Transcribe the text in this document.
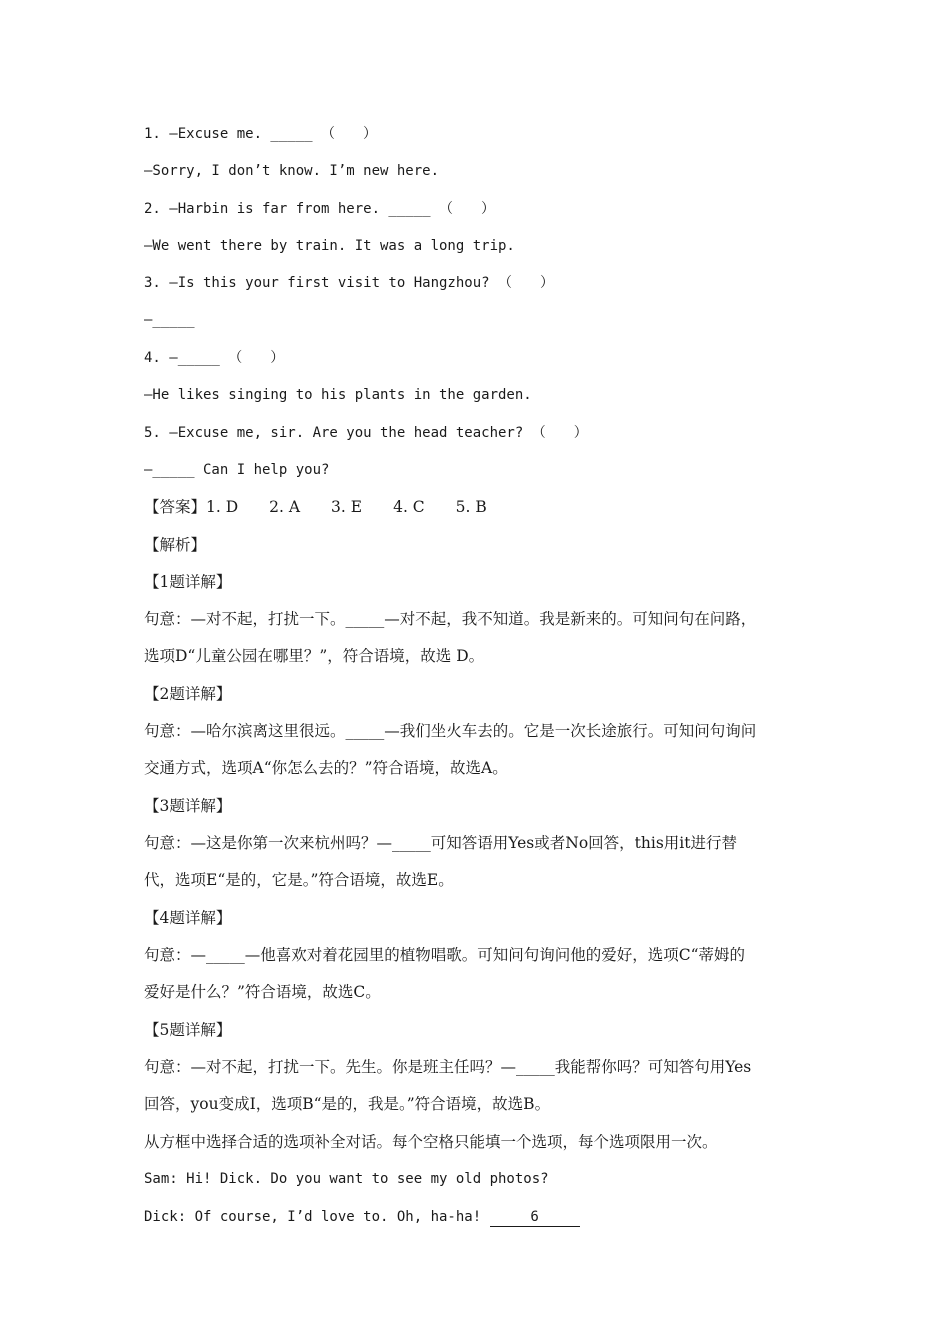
1. —Excuse me. _____ （　　）

—Sorry, I don’t know. I’m new here.

2. —Harbin is far from here. _____ （　　）

—We went there by train. It was a long trip.

3. —Is this your first visit to Hangzhou? （　　）

—_____

4. —_____ （　　）

—He likes singing to his plants in the garden.

5. —Excuse me, sir. Are you the head teacher? （　　）

—_____ Can I help you?

【答案】1. D　　2. A　　3. E　　4. C　　5. B

【解析】

【1题详解】

句意：—对不起，打扰一下。_____—对不起，我不知道。我是新来的。可知问句在问路，

选项D“儿童公园在哪里？”，符合语境，故选 D。

【2题详解】

句意：—哈尔滨离这里很远。_____—我们坐火车去的。它是一次长途旅行。可知问句询问

交通方式，选项A“你怎么去的？”符合语境，故选A。

【3题详解】

句意：—这是你第一次来杭州吗？—_____可知答语用Yes或者No回答，this用it进行替

代，选项E“是的，它是。”符合语境，故选E。

【4题详解】

句意：—_____—他喜欢对着花园里的植物唱歌。可知问句询问他的爱好，选项C“蒂姆的

爱好是什么？”符合语境，故选C。

【5题详解】

句意：—对不起，打扰一下。先生。你是班主任吗？—_____我能帮你吗？可知答句用Yes

回答，you变成I，选项B“是的，我是。”符合语境，故选B。

从方框中选择合适的选项补全对话。每个空格只能填一个选项，每个选项限用一次。

Sam: Hi! Dick. Do you want to see my old photos?

Dick: Of course, I’d love to. Oh, ha-ha!	6
